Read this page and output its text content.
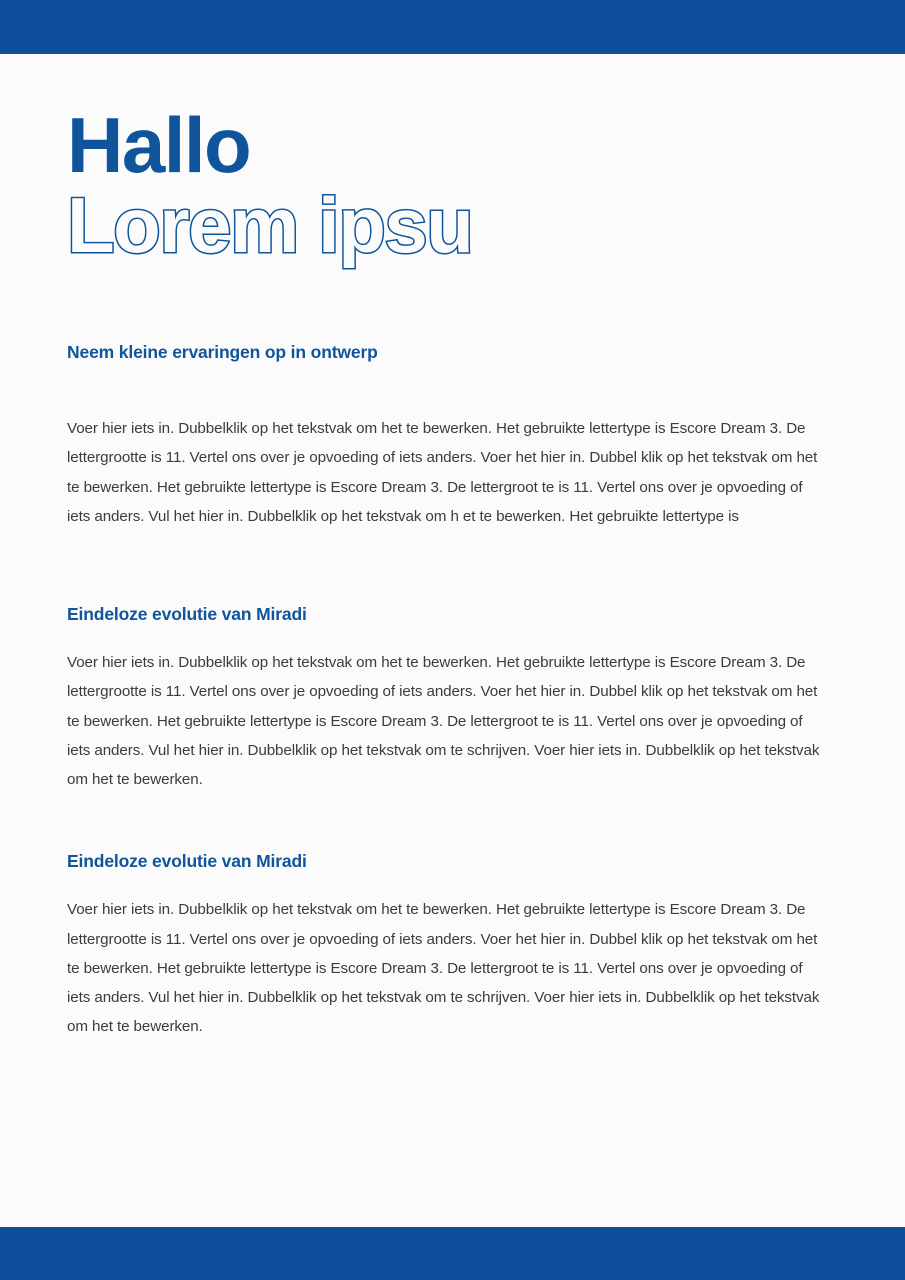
Hallo
Lorem ipsu
Neem kleine ervaringen op in ontwerp

Voer hier iets in. Dubbelklik op het tekstvak om het te bewerken. Het gebruikte lettertype is Escore Dream 3. De lettergrootte is 11. Vertel ons over je opvoeding of iets anders. Voer het hier in. Dubbel klik op het tekstvak om het te bewerken. Het gebruikte lettertype is Escore Dream 3. De lettergroot te is 11. Vertel ons over je opvoeding of iets anders. Vul het hier in. Dubbelklik op het tekstvak om h et te bewerken. Het gebruikte lettertype is

Eindeloze evolutie van Miradi

Voer hier iets in. Dubbelklik op het tekstvak om het te bewerken. Het gebruikte lettertype is Escore Dream 3. De lettergrootte is 11. Vertel ons over je opvoeding of iets anders. Voer het hier in. Dubbel klik op het tekstvak om het te bewerken. Het gebruikte lettertype is Escore Dream 3. De lettergroot te is 11. Vertel ons over je opvoeding of iets anders. Vul het hier in. Dubbelklik op het tekstvak om te schrijven. Voer hier iets in. Dubbelklik op het tekstvak om het te bewerken.

Eindeloze evolutie van Miradi

Voer hier iets in. Dubbelklik op het tekstvak om het te bewerken. Het gebruikte lettertype is Escore Dream 3. De lettergrootte is 11. Vertel ons over je opvoeding of iets anders. Voer het hier in. Dubbel klik op het tekstvak om het te bewerken. Het gebruikte lettertype is Escore Dream 3. De lettergroot te is 11. Vertel ons over je opvoeding of iets anders. Vul het hier in. Dubbelklik op het tekstvak om te schrijven. Voer hier iets in. Dubbelklik op het tekstvak om het te bewerken.
